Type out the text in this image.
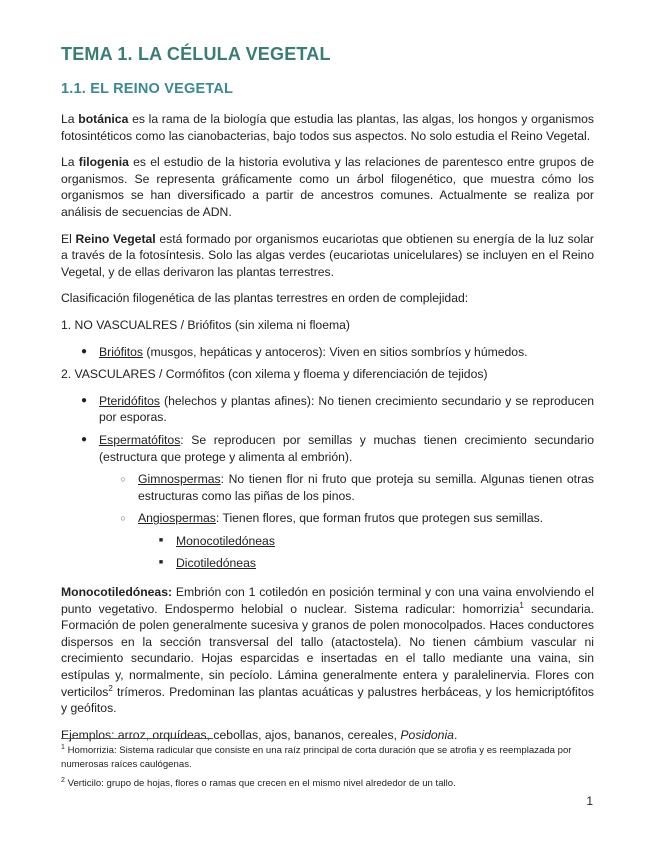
TEMA 1. LA CÉLULA VEGETAL
1.1. EL REINO VEGETAL

La botánica es la rama de la biología que estudia las plantas, las algas, los hongos y organismos fotosintéticos como las cianobacterias, bajo todos sus aspectos. No solo estudia el Reino Vegetal.

La filogenia es el estudio de la historia evolutiva y las relaciones de parentesco entre grupos de organismos. Se representa gráficamente como un árbol filogenético, que muestra cómo los organismos se han diversificado a partir de ancestros comunes. Actualmente se realiza por análisis de secuencias de ADN.

El Reino Vegetal está formado por organismos eucariotas que obtienen su energía de la luz solar a través de la fotosíntesis. Solo las algas verdes (eucariotas unicelulares) se incluyen en el Reino Vegetal, y de ellas derivaron las plantas terrestres.

Clasificación filogenética de las plantas terrestres en orden de complejidad:

1. NO VASCUALRES / Briófitos (sin xilema ni floema)

● Briófitos (musgos, hepáticas y antoceros): Viven en sitios sombríos y húmedos.

2. VASCULARES / Cormófitos (con xilema y floema y diferenciación de tejidos)

● Pteridófitos (helechos y plantas afines): No tienen crecimiento secundario y se reproducen por esporas.

● Espermatófitos: Se reproducen por semillas y muchas tienen crecimiento secundario (estructura que protege y alimenta al embrión).

○ Gimnospermas: No tienen flor ni fruto que proteja su semilla. Algunas tienen otras estructuras como las piñas de los pinos.

○ Angiospermas: Tienen flores, que forman frutos que protegen sus semillas.

■ Monocotiledóneas

■ Dicotiledóneas

Monocotiledóneas: Embrión con 1 cotiledón en posición terminal y con una vaina envolviendo el punto vegetativo. Endospermo helobial o nuclear. Sistema radicular: homorrizia$^1$ secundaria. Formación de polen generalmente sucesiva y granos de polen monocolpados. Haces conductores dispersos en la sección transversal del tallo (atactostela). No tienen cámbium vascular ni crecimiento secundario. Hojas esparcidas e insertadas en el tallo mediante una vaina, sin estípulas y, normalmente, sin pecíolo. Lámina generalmente entera y paralelinervia. Flores con verticilos$^2$ trímeros. Predominan las plantas acuáticas y palustres herbáceas, y los hemicriptófitos y geófitos.

Ejemplos: arroz, orquídeas, cebollas, ajos, bananos, cereales, Posidonia.

$^1$ Homorrizia: Sistema radicular que consiste en una raíz principal de corta duración que se atrofia y es reemplazada por numerosas raíces caulógenas.
$^2$ Verticilo: grupo de hojas, flores o ramas que crecen en el mismo nivel alrededor de un tallo.
1
